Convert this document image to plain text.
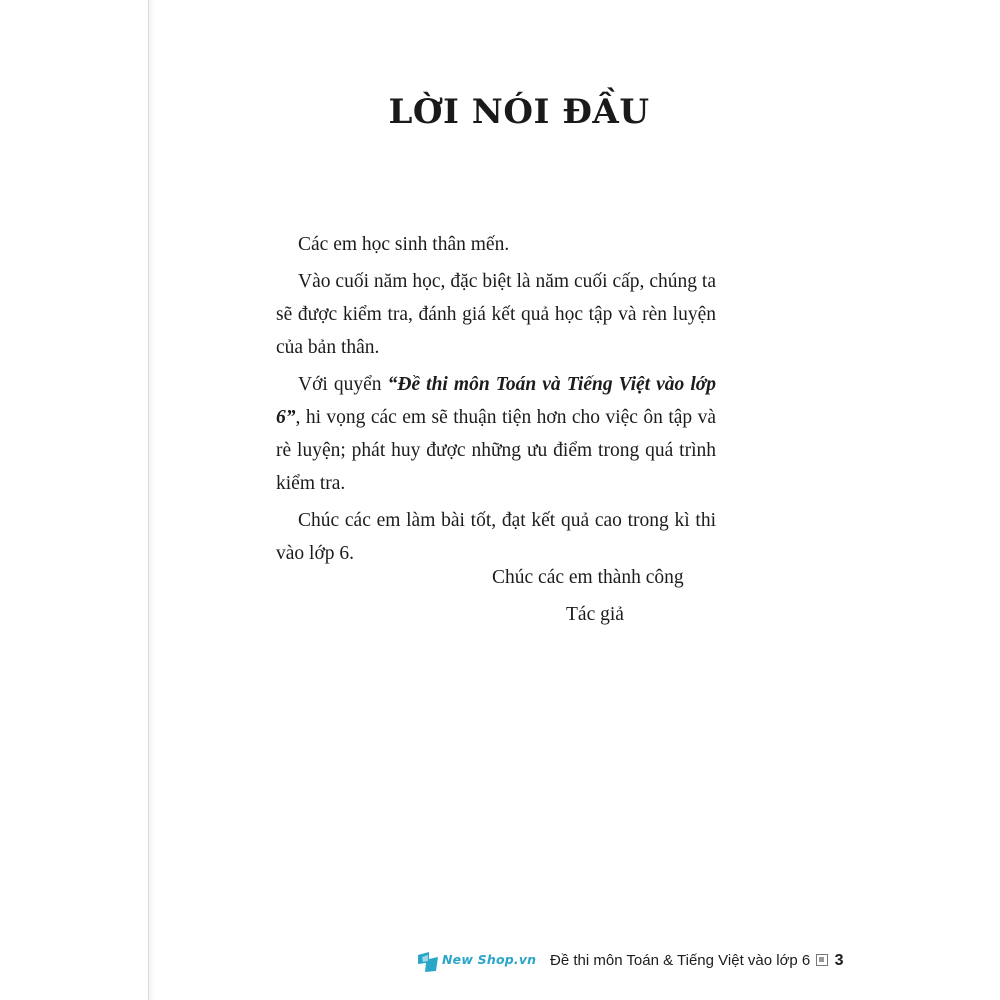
LỜI NÓI ĐẦU

Các em học sinh thân mến.

Vào cuối năm học, đặc biệt là năm cuối cấp, chúng ta sẽ được kiểm tra, đánh giá kết quả học tập và rèn luyện của bản thân.

Với quyển “Đề thi môn Toán và Tiếng Việt vào lớp 6”, hi vọng các em sẽ thuận tiện hơn cho việc ôn tập và rè luyện; phát huy được những ưu điểm trong quá trình kiểm tra.

Chúc các em làm bài tốt, đạt kết quả cao trong kì thi vào lớp 6.

Chúc các em thành công

Tác giả

New Shop.vn Đề thi môn Toán & Tiếng Việt vào lớp 6 3
